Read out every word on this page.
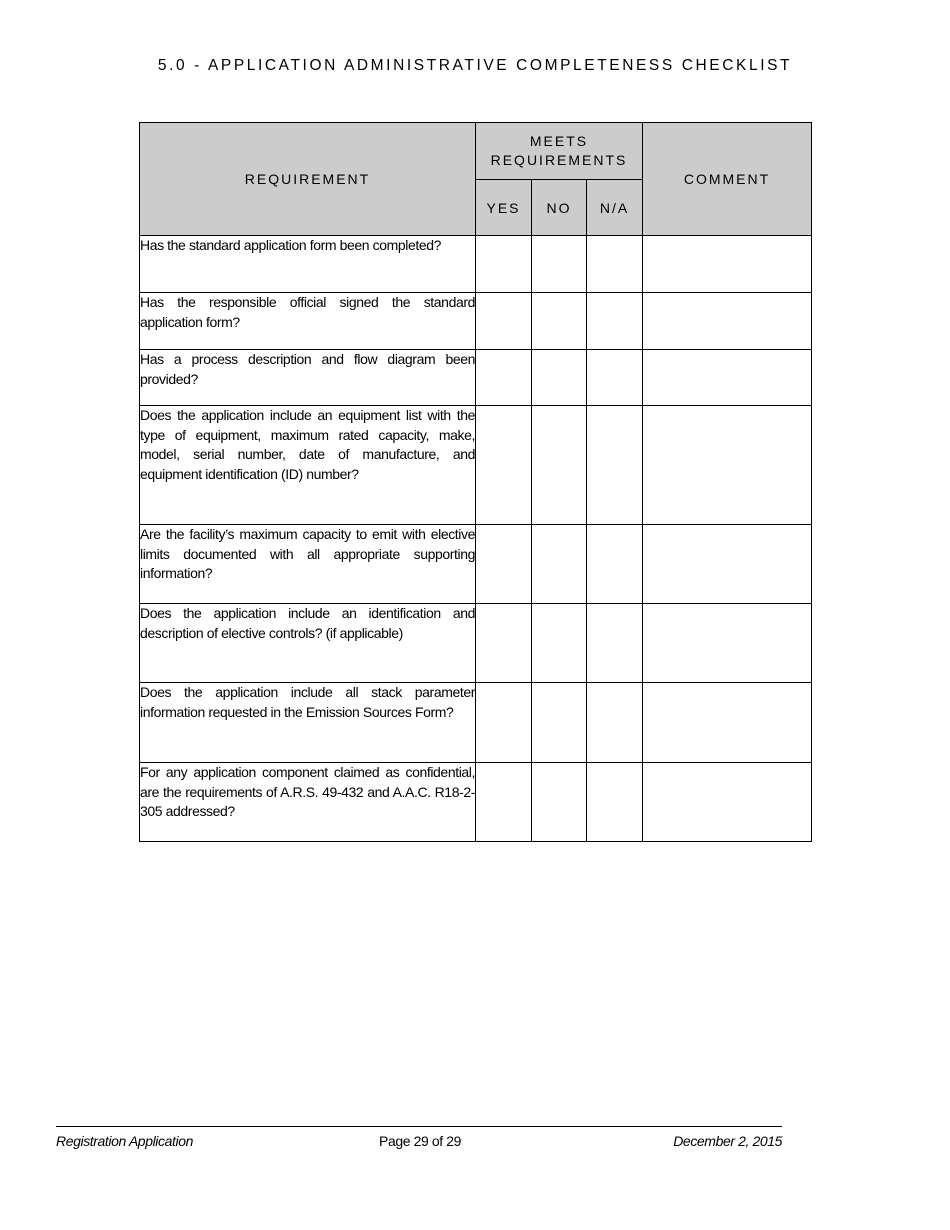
5.0 - APPLICATION ADMINISTRATIVE COMPLETENESS CHECKLIST
REQUIREMENT	MEETS REQUIREMENTS			COMMENT
	YES	NO	N/A	
Has the standard application form been completed?				
Has the responsible official signed the standard application form?				
Has a process description and flow diagram been provided?				
Does the application include an equipment list with the type of equipment, maximum rated capacity, make, model, serial number, date of manufacture, and equipment identification (ID) number?				
Are the facility’s maximum capacity to emit with elective limits documented with all appropriate supporting information?				
Does the application include an identification and description of elective controls? (if applicable)				
Does the application include all stack parameter information requested in the Emission Sources Form?				
For any application component claimed as confidential, are the requirements of A.R.S. 49-432 and A.A.C. R18-2-305 addressed?				
Registration Application	Page 29 of 29	December 2, 2015
